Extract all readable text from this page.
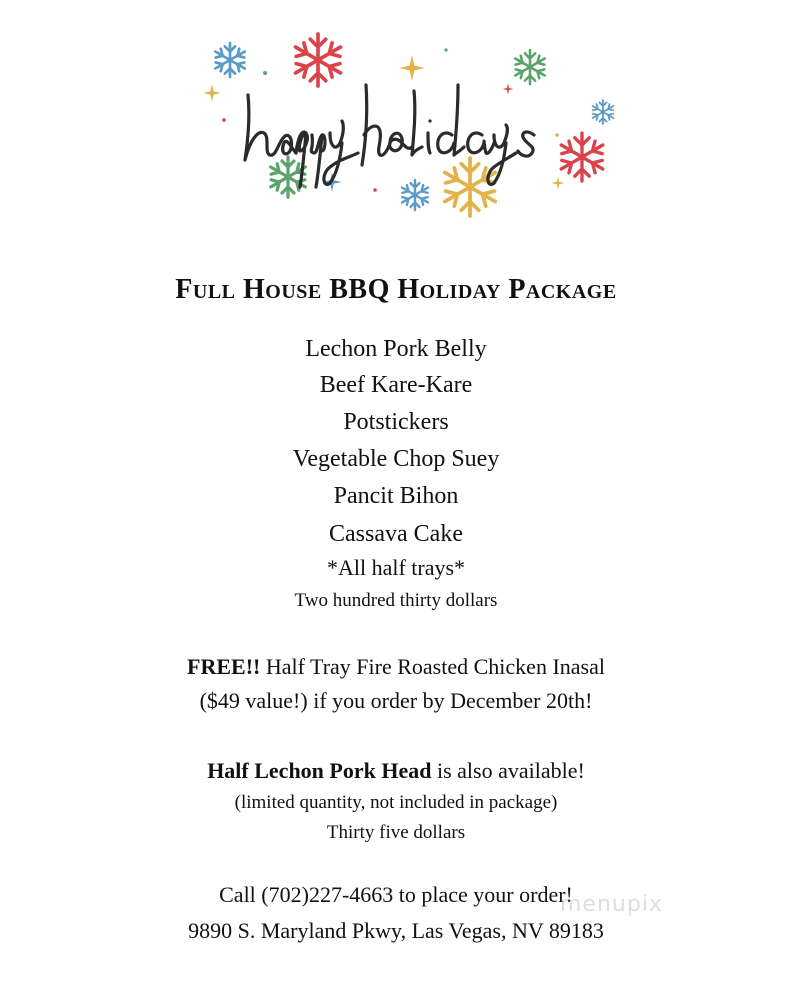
Full House BBQ Holiday Package
Lechon Pork Belly
Beef Kare-Kare
Potstickers
Vegetable Chop Suey
Pancit Bihon
Cassava Cake
*All half trays*
Two hundred thirty dollars
FREE!! Half Tray Fire Roasted Chicken Inasal
($49 value!) if you order by December 20th!
Half Lechon Pork Head is also available!
(limited quantity, not included in package)
Thirty five dollars
Call (702)227-4663 to place your order!
9890 S. Maryland Pkwy, Las Vegas, NV 89183
menupix
